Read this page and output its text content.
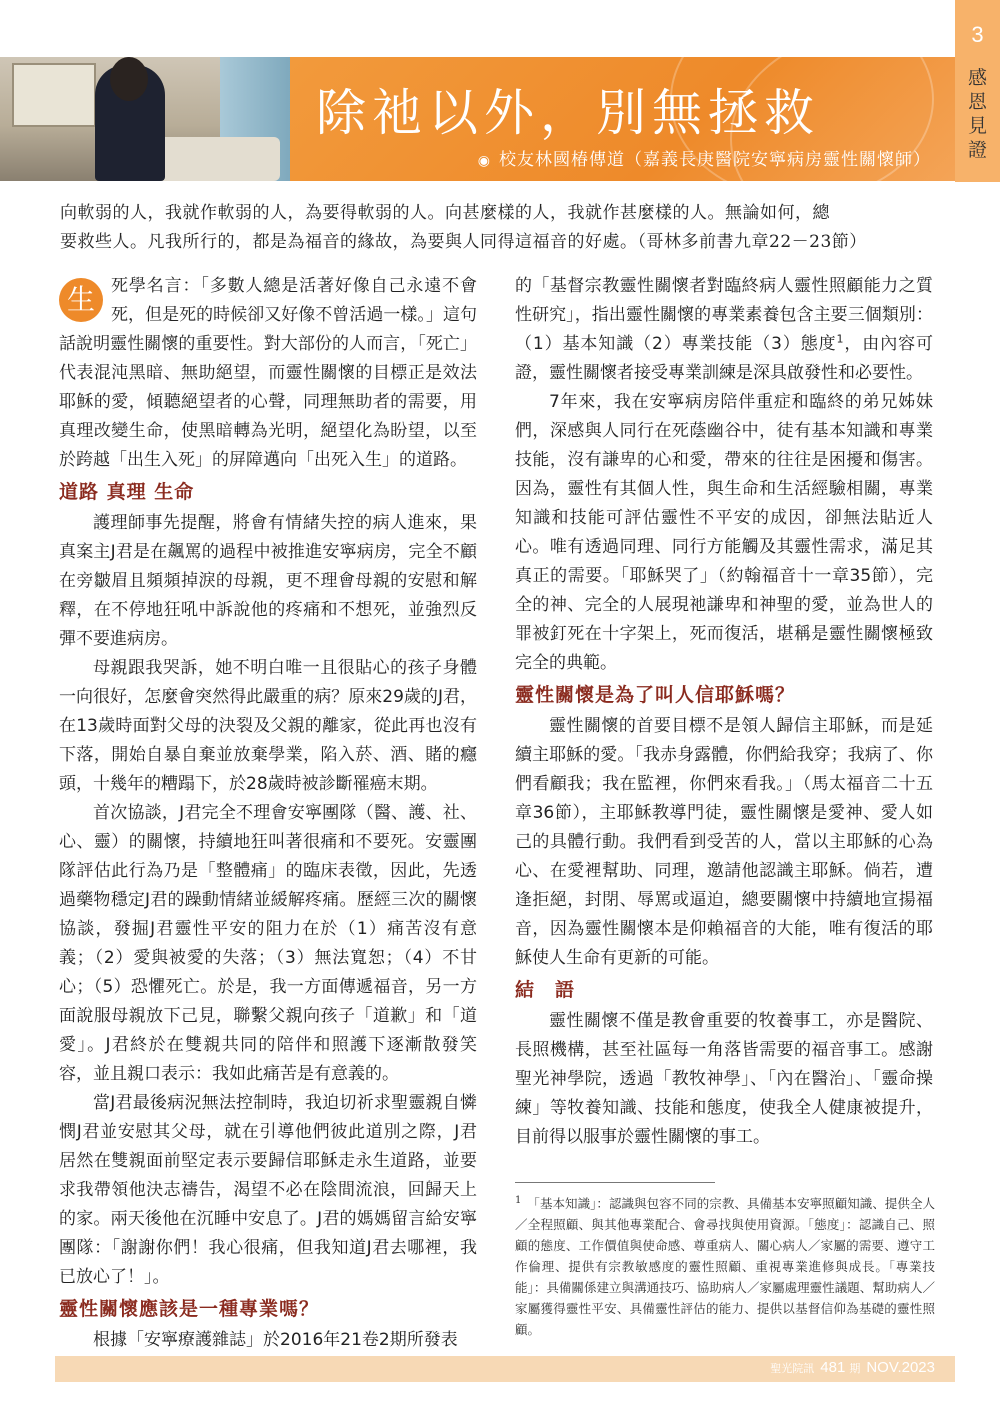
除祂以外，別無拯救
◉ 校友林國椿傳道（嘉義長庚醫院安寧病房靈性關懷師）
3
感恩見證
向軟弱的人，我就作軟弱的人，為要得軟弱的人。向甚麼樣的人，我就作甚麼樣的人。無論如何，總
要救些人。凡我所行的，都是為福音的緣故，為要與人同得這福音的好處。（哥林多前書九章22－23節）

生 死學名言：「多數人總是活著好像自己永遠不會死，但是死的時候卻又好像不曾活過一樣。」這句話說明靈性關懷的重要性。對大部份的人而言，「死亡」代表混沌黑暗、無助絕望，而靈性關懷的目標正是效法耶穌的愛，傾聽絕望者的心聲，同理無助者的需要，用真理改變生命，使黑暗轉為光明，絕望化為盼望，以至於跨越「出生入死」的屏障邁向「出死入生」的道路。

道路 真理 生命

護理師事先提醒，將會有情緒失控的病人進來，果真案主J君是在飆罵的過程中被推進安寧病房，完全不顧在旁皺眉且頻頻掉淚的母親，更不理會母親的安慰和解釋，在不停地狂吼中訴說他的疼痛和不想死，並強烈反彈不要進病房。

母親跟我哭訴，她不明白唯一且很貼心的孩子身體一向很好，怎麼會突然得此嚴重的病？原來29歲的J君，在13歲時面對父母的決裂及父親的離家，從此再也沒有下落，開始自暴自棄並放棄學業，陷入菸、酒、賭的癮頭，十幾年的糟蹋下，於28歲時被診斷罹癌末期。

首次協談，J君完全不理會安寧團隊（醫、護、社、心、靈）的關懷，持續地狂叫著很痛和不要死。安靈團隊評估此行為乃是「整體痛」的臨床表徵，因此，先透過藥物穩定J君的躁動情緒並緩解疼痛。歷經三次的關懷協談，發掘J君靈性平安的阻力在於（1）痛苦沒有意義；（2）愛與被愛的失落；（3）無法寬恕；（4）不甘心；（5）恐懼死亡。於是，我一方面傳遞福音，另一方面說服母親放下己見，聯繫父親向孩子「道歉」和「道愛」。J君終於在雙親共同的陪伴和照護下逐漸散發笑容，並且親口表示：我如此痛苦是有意義的。

當J君最後病況無法控制時，我迫切祈求聖靈親自憐憫J君並安慰其父母，就在引導他們彼此道別之際，J君居然在雙親面前堅定表示要歸信耶穌走永生道路，並要求我帶領他決志禱告，渴望不必在陰間流浪，回歸天上的家。兩天後他在沉睡中安息了。J君的媽媽留言給安寧團隊：「謝謝你們！我心很痛，但我知道J君去哪裡，我已放心了！」。

靈性關懷應該是一種專業嗎？

根據「安寧療護雜誌」於2016年21卷2期所發表

的「基督宗教靈性關懷者對臨終病人靈性照顧能力之質性研究」，指出靈性關懷的專業素養包含主要三個類別：（1）基本知識（2）專業技能（3）態度$^1$，由內容可證，靈性關懷者接受專業訓練是深具啟發性和必要性。

7年來，我在安寧病房陪伴重症和臨終的弟兄姊妹們，深感與人同行在死蔭幽谷中，徒有基本知識和專業技能，沒有謙卑的心和愛，帶來的往往是困擾和傷害。因為，靈性有其個人性，與生命和生活經驗相關，專業知識和技能可評估靈性不平安的成因，卻無法貼近人心。唯有透過同理、同行方能觸及其靈性需求，滿足其真正的需要。「耶穌哭了」（約翰福音十一章35節），完全的神、完全的人展現祂謙卑和神聖的愛，並為世人的罪被釘死在十字架上，死而復活，堪稱是靈性關懷極致完全的典範。

靈性關懷是為了叫人信耶穌嗎？

靈性關懷的首要目標不是領人歸信主耶穌，而是延續主耶穌的愛。「我赤身露體，你們給我穿；我病了、你們看顧我；我在監裡，你們來看我。」（馬太福音二十五章36節），主耶穌教導門徒，靈性關懷是愛神、愛人如己的具體行動。我們看到受苦的人，當以主耶穌的心為心、在愛裡幫助、同理，邀請他認識主耶穌。倘若，遭逢拒絕，封閉、辱罵或逼迫，總要關懷中持續地宣揚福音，因為靈性關懷本是仰賴福音的大能，唯有復活的耶穌使人生命有更新的可能。

結　語

靈性關懷不僅是教會重要的牧養事工，亦是醫院、長照機構，甚至社區每一角落皆需要的福音事工。感謝聖光神學院，透過「教牧神學」、「內在醫治」、「靈命操練」等牧養知識、技能和態度，使我全人健康被提升，目前得以服事於靈性關懷的事工。

$^1$ 「基本知識」：認識與包容不同的宗教、具備基本安寧照顧知識、提供全人／全程照顧、與其他專業配合、會尋找與使用資源。「態度」：認識自己、照顧的態度、工作價值與使命感、尊重病人、關心病人／家屬的需要、遵守工作倫理、提供有宗教敏感度的靈性照顧、重視專業進修與成長。「專業技能」：具備關係建立與溝通技巧、協助病人／家屬處理靈性議題、幫助病人／家屬獲得靈性平安、具備靈性評估的能力、提供以基督信仰為基礎的靈性照顧。
聖光院訊 481 期 NOV.2023
